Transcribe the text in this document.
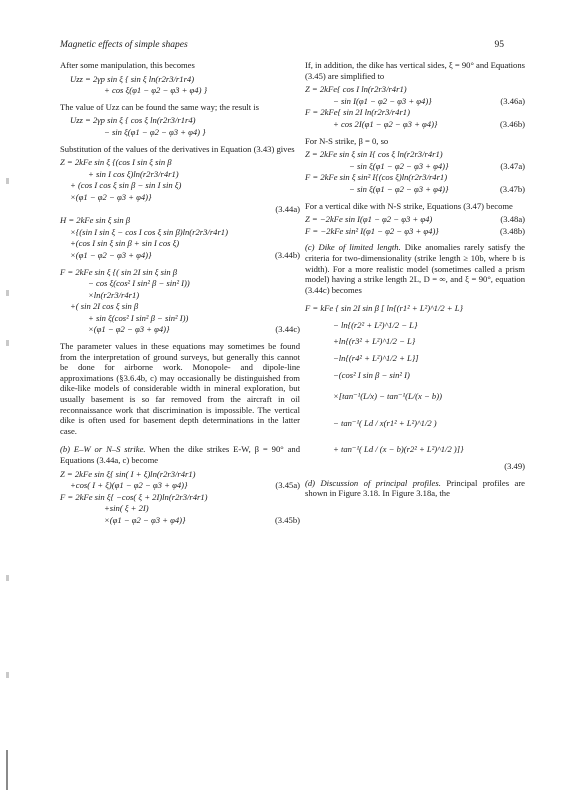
Magnetic effects of simple shapes	95

After some manipulation, this becomes

Uzz = 2γp sin ξ { sin ξ ln(r2r3/r1r4)
+ cos ξ(φ1 − φ2 − φ3 + φ4) }

The value of Uzz can be found the same way; the result is

Uzz = 2γp sin ξ { cos ξ ln(r2r3/r1r4)
− sin ξ(φ1 − φ2 − φ3 + φ4) }

Substitution of the values of the derivatives in Equation (3.43) gives

Z = 2kFe sin ξ {(cos I sin ξ sin β
+ sin I cos ξ)ln(r2r3/r4r1)
+ (cos I cos ξ sin β − sin I sin ξ)
×(φ1 − φ2 − φ3 + φ4)}
(3.44a)

H = 2kFe sin ξ sin β
×{(sin I sin ξ − cos I cos ξ sin β)ln(r2r3/r4r1)
+(cos I sin ξ sin β + sin I cos ξ)
×(φ1 − φ2 − φ3 + φ4)}	(3.44b)
F = 2kFe sin ξ {( sin 2I sin ξ sin β
− cos ξ(cos² I sin² β − sin² I))
×ln(r2r3/r4r1)
+( sin 2I cos ξ sin β
+ sin ξ(cos² I sin² β − sin² I))
×(φ1 − φ2 − φ3 + φ4)}	(3.44c)

The parameter values in these equations may sometimes be found from the interpretation of ground surveys, but generally this cannot be done for airborne work. Monopole- and dipole-line approximations (§3.6.4b, c) may occasionally be distinguished from dike-like models of considerable width in mineral exploration, but usually basement is so far removed from the aircraft in oil reconnaissance work that discrimination is impossible. The vertical dike is often used for basement depth determinations in the latter case.

(b) E–W or N–S strike. When the dike strikes E-W, β = 90° and Equations (3.44a, c) become

Z = 2kFe sin ξ{ sin( I + ξ)ln(r2r3/r4r1)
+cos( I + ξ)(φ1 − φ2 − φ3 + φ4)}	(3.45a)
F = 2kFe sin ξ{ −cos( ξ + 2I)ln(r2r3/r4r1)
+sin( ξ + 2I)
×(φ1 − φ2 − φ3 + φ4)}	(3.45b)

If, in addition, the dike has vertical sides, ξ = 90° and Equations (3.45) are simplified to

Z = 2kFe{ cos I ln(r2r3/r4r1)
− sin I(φ1 − φ2 − φ3 + φ4)}	(3.46a)
F = 2kFe{ sin 2I ln(r2r3/r4r1)
+ cos 2I(φ1 − φ2 − φ3 + φ4)}	(3.46b)

For N-S strike, β = 0, so

Z = 2kFe sin ξ sin I{ cos ξ ln(r2r3/r4r1)
− sin ξ(φ1 − φ2 − φ3 + φ4)}	(3.47a)
F = 2kFe sin ξ sin² I{(cos ξ)ln(r2r3/r4r1)
− sin ξ(φ1 − φ2 − φ3 + φ4)}	(3.47b)

For a vertical dike with N-S strike, Equations (3.47) become

Z = −2kFe sin I(φ1 − φ2 − φ3 + φ4)	(3.48a)
F = −2kFe sin² I(φ1 − φ2 − φ3 + φ4)}	(3.48b)

(c) Dike of limited length. Dike anomalies rarely satisfy the criteria for two-dimensionality (strike length ≥ 10b, where b is width). For a more realistic model (sometimes called a prism model) having a strike length 2L, D = ∞, and ξ = 90°, equation (3.44c) becomes

F = kFe { sin 2I sin β [ ln{(r1² + L²)^1/2 + L}
− ln{(r2² + L²)^1/2 − L}
+ln{(r3² + L²)^1/2 − L}
−ln{(r4² + L²)^1/2 + L}]
−(cos² I sin β − sin² I)
×[tan⁻¹(L/x) − tan⁻¹(L/(x − b))
− tan⁻¹( Ld / x(r1² + L²)^1/2 )
+ tan⁻¹( Ld / (x − b)(r2² + L²)^1/2 )]}
(3.49)

(d) Discussion of principal profiles. Principal profiles are shown in Figure 3.18. In Figure 3.18a, the
